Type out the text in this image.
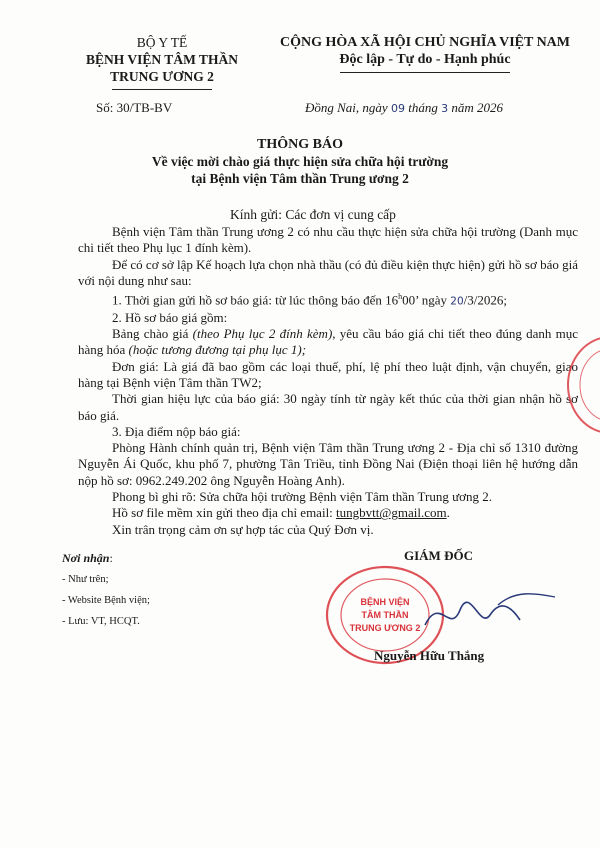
BỘ Y TẾ
BỆNH VIỆN TÂM THẦN
TRUNG ƯƠNG 2
CỘNG HÒA XÃ HỘI CHỦ NGHĨA VIỆT NAM
Độc lập - Tự do - Hạnh phúc
Số: 30/TB-BV	Đồng Nai, ngày 09 tháng 3 năm 2026
THÔNG BÁO
Về việc mời chào giá thực hiện sửa chữa hội trường
tại Bệnh viện Tâm thần Trung ương 2
Kính gửi: Các đơn vị cung cấp

Bệnh viện Tâm thần Trung ương 2 có nhu cầu thực hiện sửa chữa hội trường (Danh mục chi tiết theo Phụ lục 1 đính kèm).

Để có cơ sở lập Kế hoạch lựa chọn nhà thầu (có đủ điều kiện thực hiện) gửi hồ sơ báo giá với nội dung như sau:

1. Thời gian gửi hồ sơ báo giá: từ lúc thông báo đến 16$^h$00’ ngày 20/3/2026;

2. Hồ sơ báo giá gồm:

Bảng chào giá (theo Phụ lục 2 đính kèm), yêu cầu báo giá chi tiết theo đúng danh mục hàng hóa (hoặc tương đương tại phụ lục 1);

Đơn giá: Là giá đã bao gồm các loại thuế, phí, lệ phí theo luật định, vận chuyển, giao hàng tại Bệnh viện Tâm thần TW2;

Thời gian hiệu lực của báo giá: 30 ngày tính từ ngày kết thúc của thời gian nhận hồ sơ báo giá.

3. Địa điểm nộp báo giá:

Phòng Hành chính quản trị, Bệnh viện Tâm thần Trung ương 2 - Địa chỉ số 1310 đường Nguyễn Ái Quốc, khu phố 7, phường Tân Triều, tỉnh Đồng Nai (Điện thoại liên hệ hướng dẫn nộp hồ sơ: 0962.249.202 ông Nguyễn Hoàng Anh).

Phong bì ghi rõ: Sửa chữa hội trường Bệnh viện Tâm thần Trung ương 2.

Hồ sơ file mềm xin gửi theo địa chỉ email: tungbvtt@gmail.com.

Xin trân trọng cảm ơn sự hợp tác của Quý Đơn vị.

Nơi nhận:
- Như trên;
- Website Bệnh viện;
- Lưu: VT, HCQT.
GIÁM ĐỐC
BỆNH VIỆN
TÂM THẦN
TRUNG ƯƠNG 2
Nguyễn Hữu Thắng
